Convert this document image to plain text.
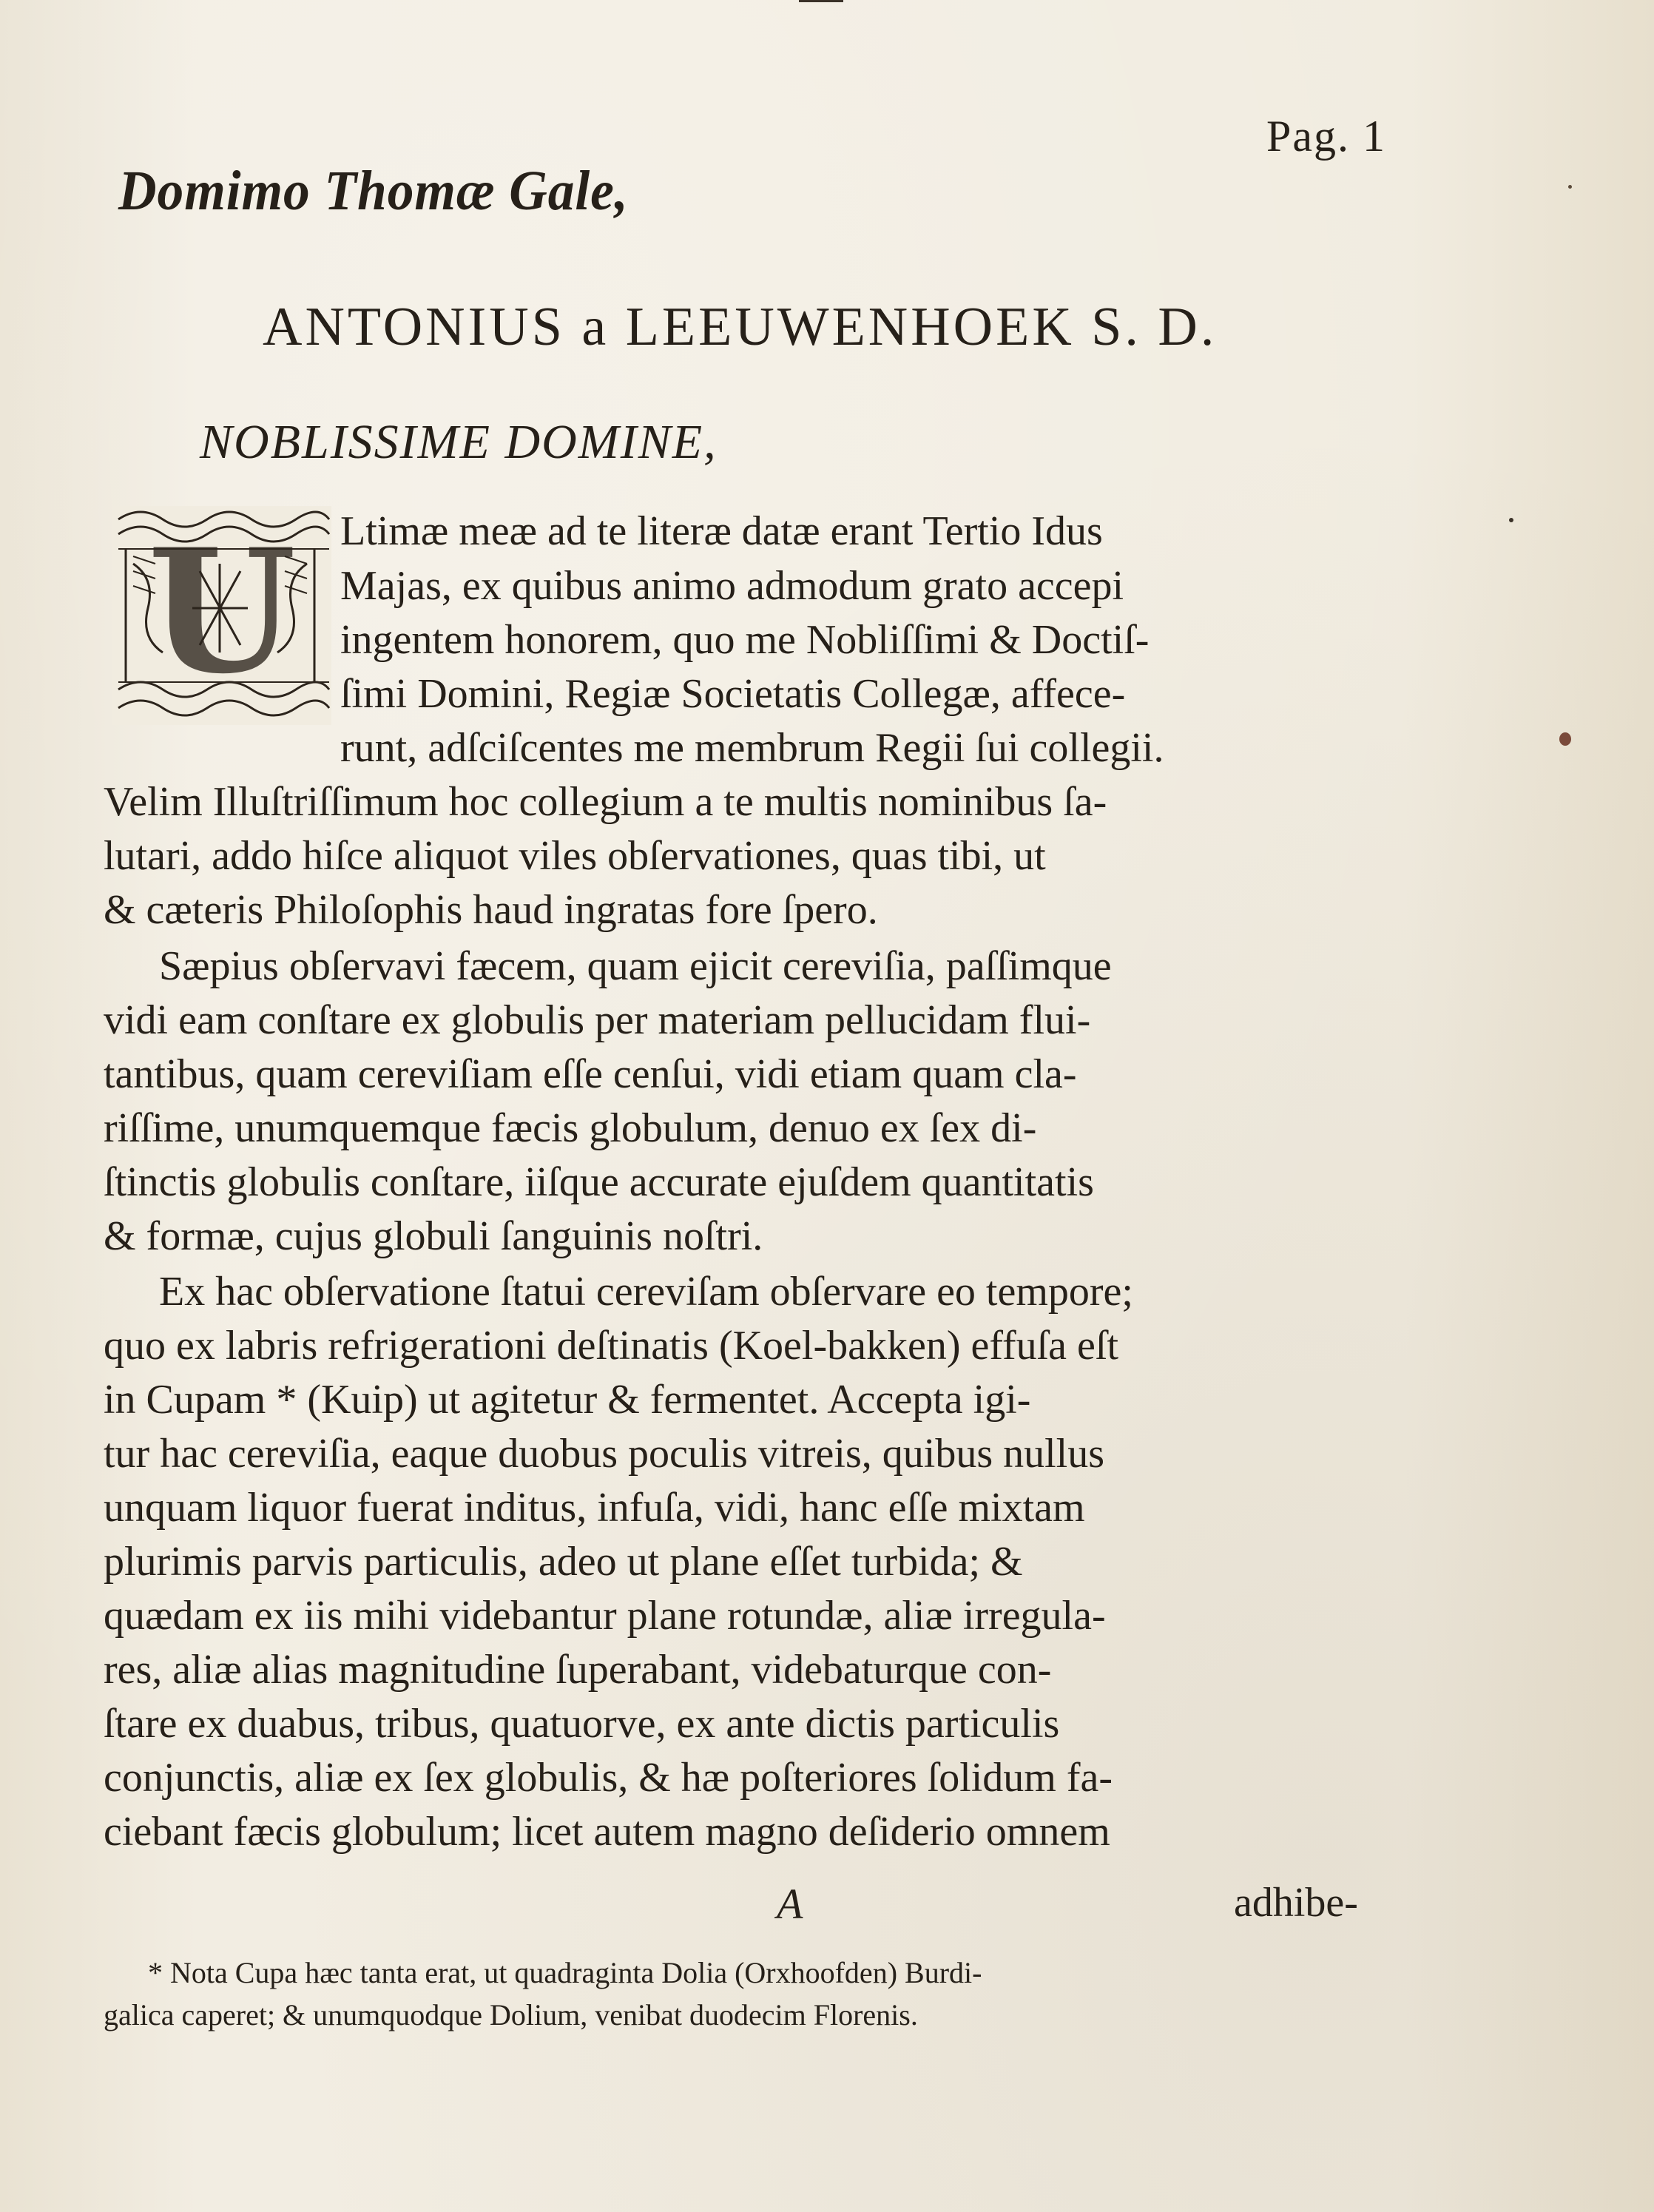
Pag. 1
Domimo Thomæ Gale,
ANTONIUS a LEEUWENHOEK S. D.
NOBLISSIME DOMINE,
U Ltimæ meæ ad te literæ datæ erant Tertio Idus
Majas, ex quibus animo admodum grato accepi
ingentem honorem, quo me Nobliſſimi & Doctiſ-
ſimi Domini, Regiæ Societatis Collegæ, affece-
runt, adſciſcentes me membrum Regii ſui collegii.
Velim Illuſtriſſimum hoc collegium a te multis nominibus ſa-
lutari, addo hiſce aliquot viles obſervationes, quas tibi, ut
& cæteris Philoſophis haud ingratas fore ſpero.
Sæpius obſervavi fæcem, quam ejicit cereviſia, paſſimque
vidi eam conſtare ex globulis per materiam pellucidam flui-
tantibus, quam cereviſiam eſſe cenſui, vidi etiam quam cla-
riſſime, unumquemque fæcis globulum, denuo ex ſex di-
ſtinctis globulis conſtare, iiſque accurate ejuſdem quantitatis
& formæ, cujus globuli ſanguinis noſtri.
Ex hac obſervatione ſtatui cereviſam obſervare eo tempore;
quo ex labris refrigerationi deſtinatis (Koel-bakken) effuſa eſt
in Cupam * (Kuip) ut agitetur & fermentet. Accepta igi-
tur hac cereviſia, eaque duobus poculis vitreis, quibus nullus
unquam liquor fuerat inditus, infuſa, vidi, hanc eſſe mixtam
plurimis parvis particulis, adeo ut plane eſſet turbida; &
quædam ex iis mihi videbantur plane rotundæ, aliæ irregula-
res, aliæ alias magnitudine ſuperabant, videbaturque con-
ſtare ex duabus, tribus, quatuorve, ex ante dictis particulis
conjunctis, aliæ ex ſex globulis, & hæ poſteriores ſolidum fa-
ciebant fæcis globulum; licet autem magno deſiderio omnem
A	adhibe-
* Nota Cupa hæc tanta erat, ut quadraginta Dolia (Orxhoofden) Burdi-
galica caperet; & unumquodque Dolium, venibat duodecim Florenis.
